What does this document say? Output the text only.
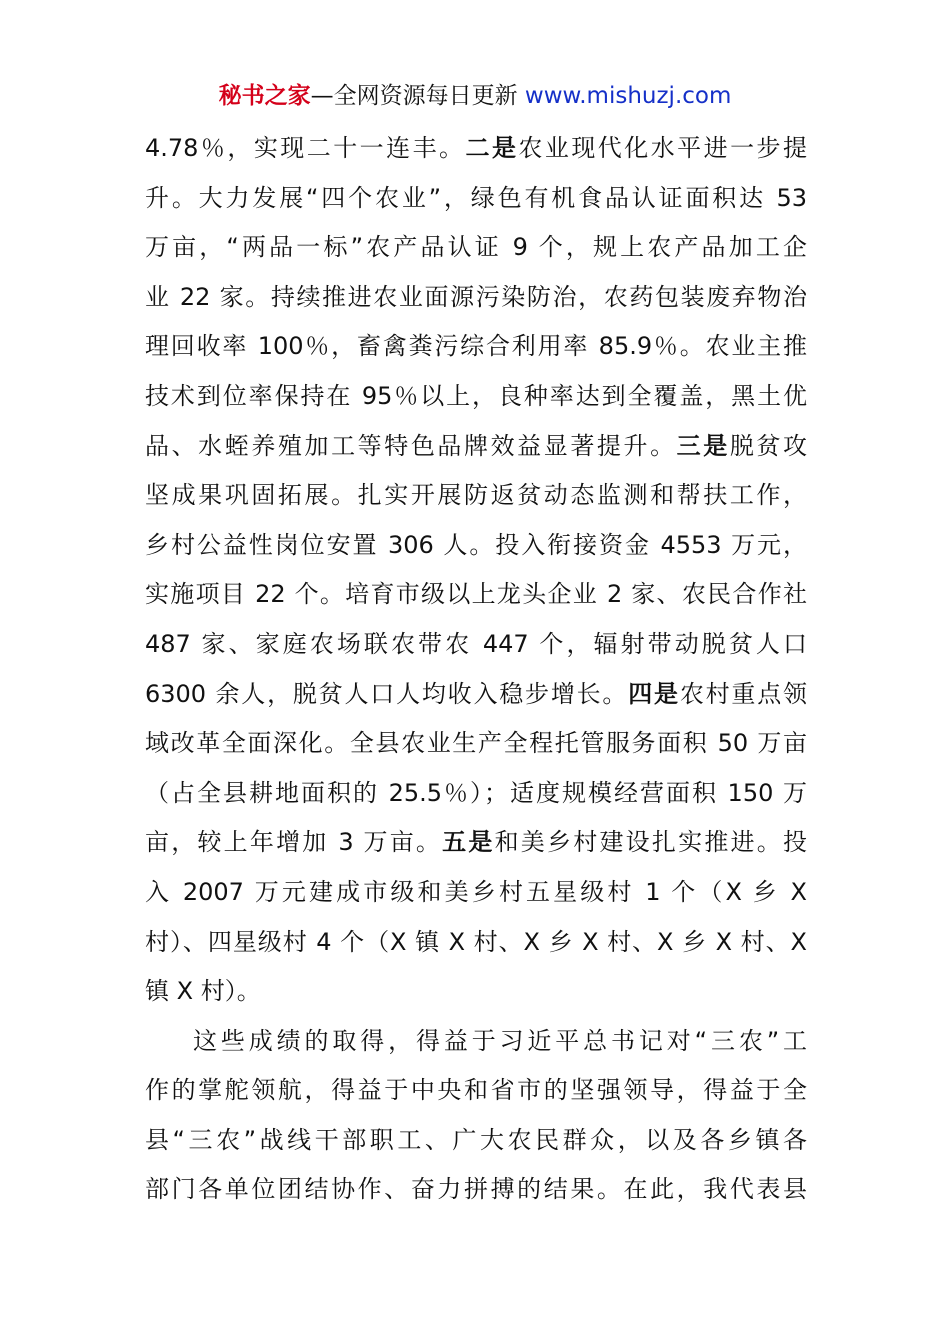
秘书之家—全网资源每日更新 www.mishuzj.com

4.78％，实现二十一连丰。二是农业现代化水平进一步提
升。大力发展“四个农业”，绿色有机食品认证面积达 53
万亩，“两品一标”农产品认证 9 个，规上农产品加工企
业 22 家。持续推进农业面源污染防治，农药包装废弃物治
理回收率 100％，畜禽粪污综合利用率 85.9％。农业主推
技术到位率保持在 95％以上，良种率达到全覆盖，黑土优
品、水蛭养殖加工等特色品牌效益显著提升。三是脱贫攻
坚成果巩固拓展。扎实开展防返贫动态监测和帮扶工作，
乡村公益性岗位安置 306 人。投入衔接资金 4553 万元，
实施项目 22 个。培育市级以上龙头企业 2 家、农民合作社
487 家、家庭农场联农带农 447 个，辐射带动脱贫人口
6300 余人，脱贫人口人均收入稳步增长。四是农村重点领
域改革全面深化。全县农业生产全程托管服务面积 50 万亩
（占全县耕地面积的 25.5％）；适度规模经营面积 150 万
亩，较上年增加 3 万亩。五是和美乡村建设扎实推进。投
入 2007 万元建成市级和美乡村五星级村 1 个（X 乡 X
村）、四星级村 4 个（X 镇 X 村、X 乡 X 村、X 乡 X 村、X
镇 X 村）。

这些成绩的取得，得益于习近平总书记对“三农”工
作的掌舵领航，得益于中央和省市的坚强领导，得益于全
县“三农”战线干部职工、广大农民群众，以及各乡镇各
部门各单位团结协作、奋力拼搏的结果。在此，我代表县
